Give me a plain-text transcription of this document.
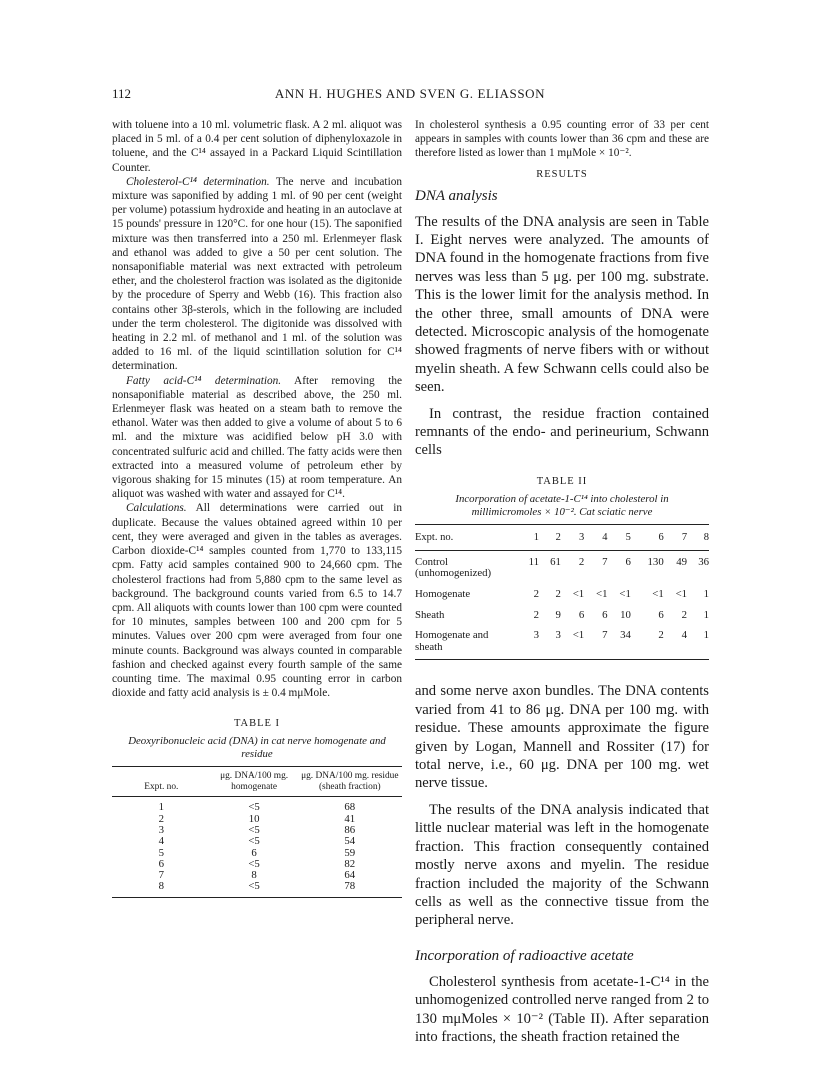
112	ANN H. HUGHES AND SVEN G. ELIASSON

with toluene into a 10 ml. volumetric flask. A 2 ml. aliquot was placed in 5 ml. of a 0.4 per cent solution of diphenyloxazole in toluene, and the C¹⁴ assayed in a Packard Liquid Scintillation Counter.

Cholesterol-C¹⁴ determination. The nerve and incubation mixture was saponified by adding 1 ml. of 90 per cent (weight per volume) potassium hydroxide and heating in an autoclave at 15 pounds' pressure in 120°C. for one hour (15). The saponified mixture was then transferred into a 250 ml. Erlenmeyer flask and ethanol was added to give a 50 per cent solution. The nonsaponifiable material was next extracted with petroleum ether, and the cholesterol fraction was isolated as the digitonide by the procedure of Sperry and Webb (16). This fraction also contains other 3β-sterols, which in the following are included under the term cholesterol. The digitonide was dissolved with heating in 2.2 ml. of methanol and 1 ml. of the solution was added to 16 ml. of the liquid scintillation solution for C¹⁴ determination.

Fatty acid-C¹⁴ determination. After removing the nonsaponifiable material as described above, the 250 ml. Erlenmeyer flask was heated on a steam bath to remove the ethanol. Water was then added to give a volume of about 5 to 6 ml. and the mixture was acidified below pH 3.0 with concentrated sulfuric acid and chilled. The fatty acids were then extracted into a measured volume of petroleum ether by vigorous shaking for 15 minutes (15) at room temperature. An aliquot was washed with water and assayed for C¹⁴.

Calculations. All determinations were carried out in duplicate. Because the values obtained agreed within 10 per cent, they were averaged and given in the tables as averages. Carbon dioxide-C¹⁴ samples counted from 1,770 to 133,115 cpm. Fatty acid samples contained 900 to 24,660 cpm. The cholesterol fractions had from 5,880 cpm to the same level as background. The background counts varied from 6.5 to 14.7 cpm. All aliquots with counts lower than 100 cpm were counted for 10 minutes, samples between 100 and 200 cpm for 5 minutes. Values over 200 cpm were averaged from four one minute counts. Background was always counted in comparable fashion and checked against every fourth sample of the same counting time. The maximal 0.95 counting error in carbon dioxide and fatty acid analysis is ± 0.4 mμMole.

TABLE I
Deoxyribonucleic acid (DNA) in cat nerve homogenate and residue
Expt. no.	μg. DNA/100 mg. homogenate	μg. DNA/100 mg. residue (sheath fraction)
1	<5	68
2	10	41
3	<5	86
4	<5	54
5	6	59
6	<5	82
7	8	64
8	<5	78

In cholesterol synthesis a 0.95 counting error of 33 per cent appears in samples with counts lower than 36 cpm and these are therefore listed as lower than 1 mμMole × 10⁻².

RESULTS
DNA analysis

The results of the DNA analysis are seen in Table I. Eight nerves were analyzed. The amounts of DNA found in the homogenate fractions from five nerves was less than 5 μg. per 100 mg. substrate. This is the lower limit for the analysis method. In the other three, small amounts of DNA were detected. Microscopic analysis of the homogenate showed fragments of nerve fibers with or without myelin sheath. A few Schwann cells could also be seen.

In contrast, the residue fraction contained remnants of the endo- and perineurium, Schwann cells

TABLE II
Incorporation of acetate-1-C¹⁴ into cholesterol in millimicromoles × 10⁻². Cat sciatic nerve
Expt. no.	1	2	3	4	5	6	7	8
Control
(unhomogenized)	11	61	2	7	6	130	49	36
Homogenate	2	2	<1	<1	<1	<1	<1	1
Sheath	2	9	6	6	10	6	2	1
Homogenate and
sheath	3	3	<1	7	34	2	4	1

and some nerve axon bundles. The DNA contents varied from 41 to 86 μg. DNA per 100 mg. with residue. These amounts approximate the figure given by Logan, Mannell and Rossiter (17) for total nerve, i.e., 60 μg. DNA per 100 mg. wet nerve tissue.

The results of the DNA analysis indicated that little nuclear material was left in the homogenate fraction. This fraction consequently contained mostly nerve axons and myelin. The residue fraction included the majority of the Schwann cells as well as the connective tissue from the peripheral nerve.

Incorporation of radioactive acetate

Cholesterol synthesis from acetate-1-C¹⁴ in the unhomogenized controlled nerve ranged from 2 to 130 mμMoles × 10⁻² (Table II). After separation into fractions, the sheath fraction retained the
